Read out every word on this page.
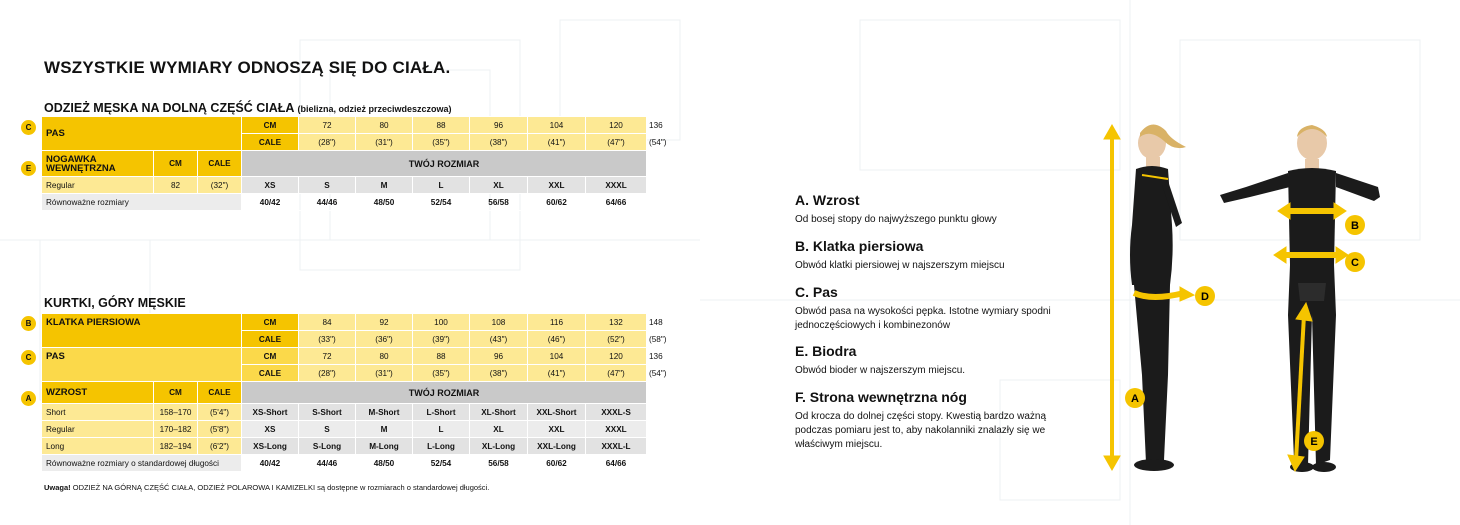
WSZYSTKIE WYMIARY ODNOSZĄ SIĘ DO CIAŁA.
ODZIEŻ MĘSKA NA DOLNĄ CZĘŚĆ CIAŁA (bielizna, odzież przeciwdeszczowa)
C
E
PAS			CM	72	80	88	96	104	120	136
			CALE	(28")	(31")	(35")	(38")	(41")	(47")	(54")
NOGAWKA WEWNĘTRZNA	CM	CALE	TWÓJ ROZMIAR							
Regular	82	(32")	XS	S	M	L	XL	XXL	XXXL	
Równoważne rozmiary			40/42	44/46	48/50	52/54	56/58	60/62	64/66	
KURTKI, GÓRY MĘSKIE
B
C
A
KLATKA PIERSIOWA			CM	84	92	100	108	116	132	148
			CALE	(33")	(36")	(39")	(43")	(46")	(52")	(58")
PAS			CM	72	80	88	96	104	120	136
			CALE	(28")	(31")	(35")	(38")	(41")	(47")	(54")
WZROST	CM	CALE	TWÓJ ROZMIAR							
Short	158–170	(5'4")	XS-Short	S-Short	M-Short	L-Short	XL-Short	XXL-Short	XXXL-S	
Regular	170–182	(5'8")	XS	S	M	L	XL	XXL	XXXL	
Long	182–194	(6'2")	XS-Long	S-Long	M-Long	L-Long	XL-Long	XXL-Long	XXXL-L	
Równoważne rozmiary o standardowej długości			40/42	44/46	48/50	52/54	56/58	60/62	64/66	
Uwaga! ODZIEŻ NA GÓRNĄ CZĘŚĆ CIAŁA, ODZIEŻ POLAROWA I KAMIZELKI są dostępne w rozmiarach o standardowej długości.
A. Wzrost

Od bosej stopy do najwyższego punktu głowy

B. Klatka piersiowa

Obwód klatki piersiowej w najszerszym miejscu

C. Pas

Obwód pasa na wysokości pępka. Istotne wymiary spodni jednoczęściowych i kombinezonów

E. Biodra

Obwód bioder w najszerszym miejscu.

F. Strona wewnętrzna nóg

Od krocza do dolnej części stopy. Kwestią bardzo ważną podczas pomiaru jest to, aby nakolanniki znalazły się we właściwym miejscu.

A
D
B
C
E
